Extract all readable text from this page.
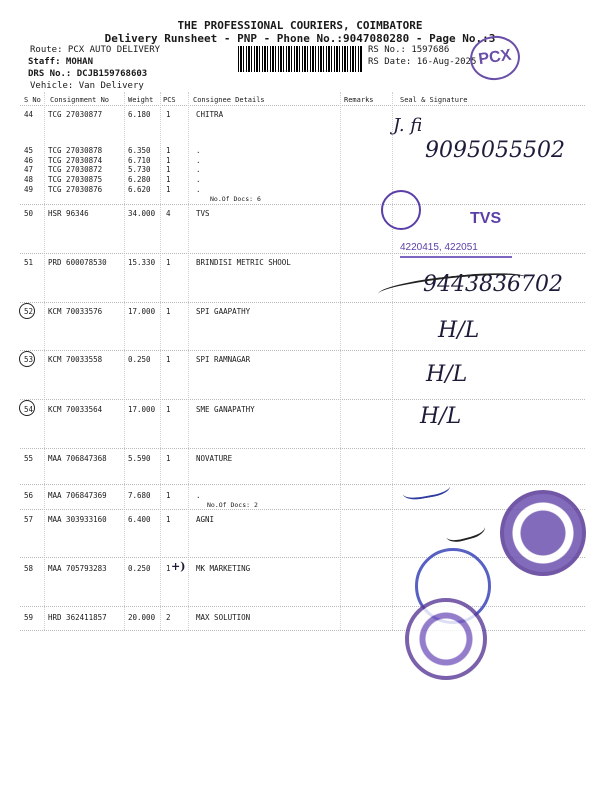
THE PROFESSIONAL COURIERS, COIMBATORE
Delivery Runsheet - PNP - Phone No.:9047080280 - Page No.:3
Route: PCX AUTO DELIVERY
Staff: MOHAN
DRS No.: DCJB159768603
Vehicle: Van Delivery
RS No.: 1597686
RS Date: 16-Aug-2025 PCX
S No Consignment No	Weight PCS Consignee Details	Remarks	Seal & Signature
44 TCG 27030877	6.180 1	CHITRA
45 TCG 27030878	6.350 1	.
46 TCG 27030874	6.710 1	.
47 TCG 27030872	5.730 1	.
48 TCG 27030875	6.280 1	.
49 TCG 27030876	6.620 1	.
No.Of Docs: 6
50 HSR 96346	34.000 4	TVS
51 PRD 600078530	15.330 1	BRINDISI METRIC SHOOL
52 KCM 70033576	17.000 1	SPI GAAPATHY
53 KCM 70033558	0.250 1	SPI RAMNAGAR
54 KCM 70033564	17.000 1	SME GANAPATHY
55 MAA 706847368	5.590 1	NOVATURE
56 MAA 706847369	7.680 1	.
No.Of Docs: 2
57 MAA 303933160	6.400 1	AGNI
58 MAA 705793283	0.250 1	MK MARKETING
+)
59 HRD 362411857	20.000 2	MAX SOLUTION
J. fi
9095055502
TVS
4220415, 422051
9443836702
H/L
H/L
H/L
